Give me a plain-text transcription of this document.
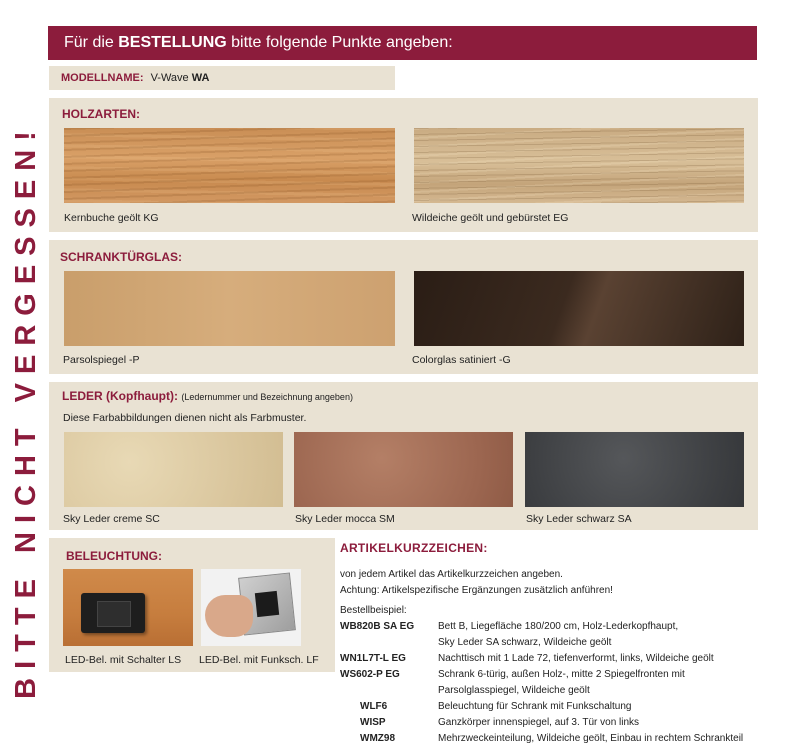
BITTE NICHT VERGESSEN!
Für die BESTELLUNG bitte folgende Punkte angeben:
MODELLNAME: V-Wave WA
HOLZARTEN:
Kernbuche geölt KG	Wildeiche geölt und gebürstet EG
SCHRANKTÜRGLAS:
Parsolspiegel -P	Colorglas satiniert -G
LEDER (Kopfhaupt): (Ledernummer und Bezeichnung angeben)
Diese Farbabbildungen dienen nicht als Farbmuster.
Sky Leder creme SC	Sky Leder mocca SM	Sky Leder schwarz SA
BELEUCHTUNG:
LED-Bel. mit Schalter LS LED-Bel. mit Funksch. LF
ARTIKELKURZZEICHEN:
von jedem Artikel das Artikelkurzzeichen angeben.
Achtung: Artikelspezifische Ergänzungen zusätzlich anführen!
Bestellbeispiel:
WB820B SA EG Bett B, Liegefläche 180/200 cm, Holz-Lederkopfhaupt,
Sky Leder SA schwarz, Wildeiche geölt
WN1L7T-L EG	Nachttisch mit 1 Lade 72, tiefenverformt, links, Wildeiche geölt
WS602-P EG	Schrank 6-türig, außen Holz-, mitte 2 Spiegelfronten mit
Parsolglasspiegel, Wildeiche geölt
WLF6	Beleuchtung für Schrank mit Funkschaltung
WISP	Ganzkörper innenspiegel, auf 3. Tür von links
WMZ98	Mehrzweckeinteilung, Wildeiche geölt, Einbau in rechtem Schrankteil
